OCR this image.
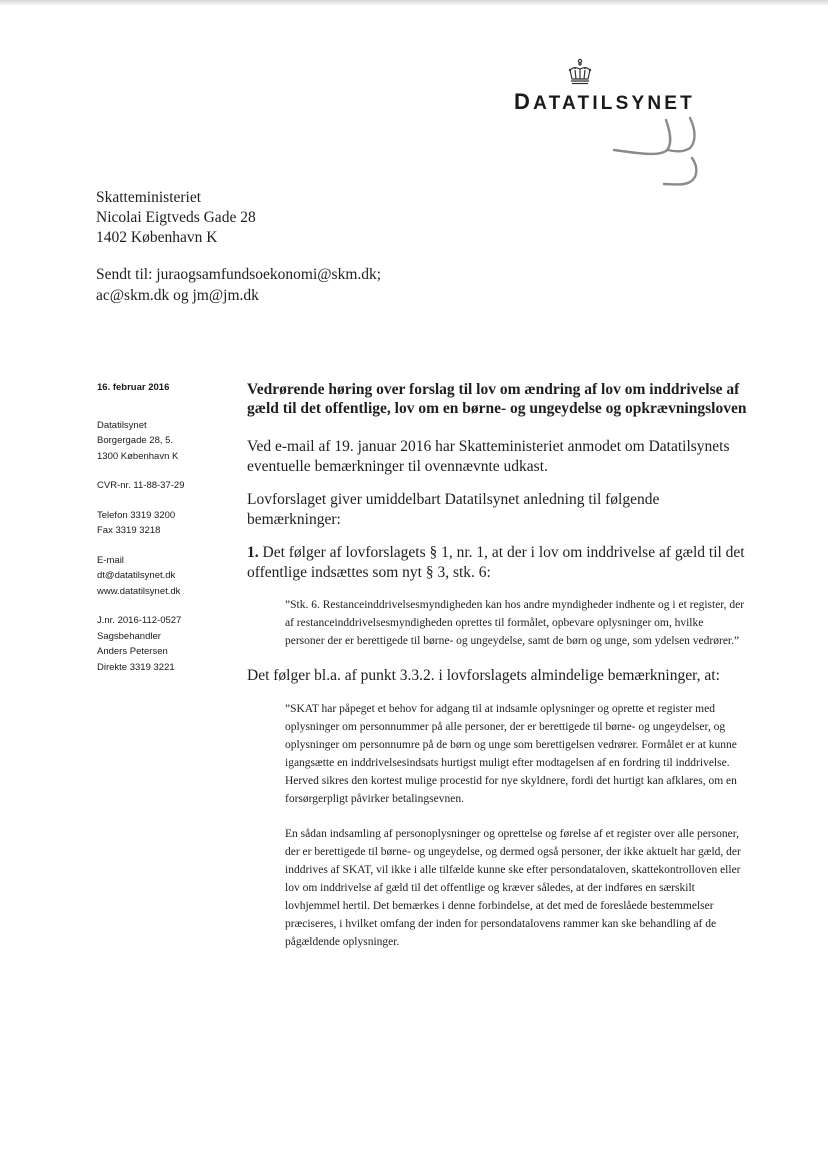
DATATILSYNET
Skatteministeriet
Nicolai Eigtveds Gade 28
1402 København K
Sendt til: juraogsamfundsoekonomi@skm.dk;
ac@skm.dk og jm@jm.dk
16. februar 2016
Datatilsynet
Borgergade 28, 5.
1300 København K
CVR-nr. 11-88-37-29
Telefon 3319 3200
Fax 3319 3218
E-mail
dt@datatilsynet.dk
www.datatilsynet.dk
J.nr. 2016-112-0527
Sagsbehandler
Anders Petersen
Direkte 3319 3221
Vedrørende høring over forslag til lov om ændring af lov om inddrivelse af gæld til det offentlige, lov om en børne- og ungeydelse og opkrævningsloven
Ved e-mail af 19. januar 2016 har Skatteministeriet anmodet om Datatilsynets eventuelle bemærkninger til ovennævnte udkast.
Lovforslaget giver umiddelbart Datatilsynet anledning til følgende bemærkninger:
1. Det følger af lovforslagets § 1, nr. 1, at der i lov om inddrivelse af gæld til det offentlige indsættes som nyt § 3, stk. 6:

”Stk. 6. Restanceinddrivelsesmyndigheden kan hos andre myndigheder indhente og i et register, der af restanceinddrivelsesmyndigheden oprettes til formålet, opbevare oplysninger om, hvilke personer der er berettigede til børne- og ungeydelse, samt de børn og unge, som ydelsen vedrører.”

Det følger bl.a. af punkt 3.3.2. i lovforslagets almindelige bemærkninger, at:

”SKAT har påpeget et behov for adgang til at indsamle oplysninger og oprette et register med oplysninger om personnummer på alle personer, der er berettigede til børne- og ungeydelser, og oplysninger om personnumre på de børn og unge som berettigelsen vedrører. Formålet er at kunne igangsætte en inddrivelsesindsats hurtigst muligt efter modtagelsen af en fordring til inddrivelse. Herved sikres den kortest mulige procestid for nye skyldnere, fordi det hurtigt kan afklares, om en forsørgerpligt påvirker betalingsevnen.

En sådan indsamling af personoplysninger og oprettelse og førelse af et register over alle personer, der er berettigede til børne- og ungeydelse, og dermed også personer, der ikke aktuelt har gæld, der inddrives af SKAT, vil ikke i alle tilfælde kunne ske efter persondataloven, skattekontrolloven eller lov om inddrivelse af gæld til det offentlige og kræver således, at der indføres en særskilt lovhjemmel hertil. Det bemærkes i denne forbindelse, at det med de foreslåede bestemmelser præciseres, i hvilket omfang der inden for persondatalovens rammer kan ske behandling af de pågældende oplysninger.
